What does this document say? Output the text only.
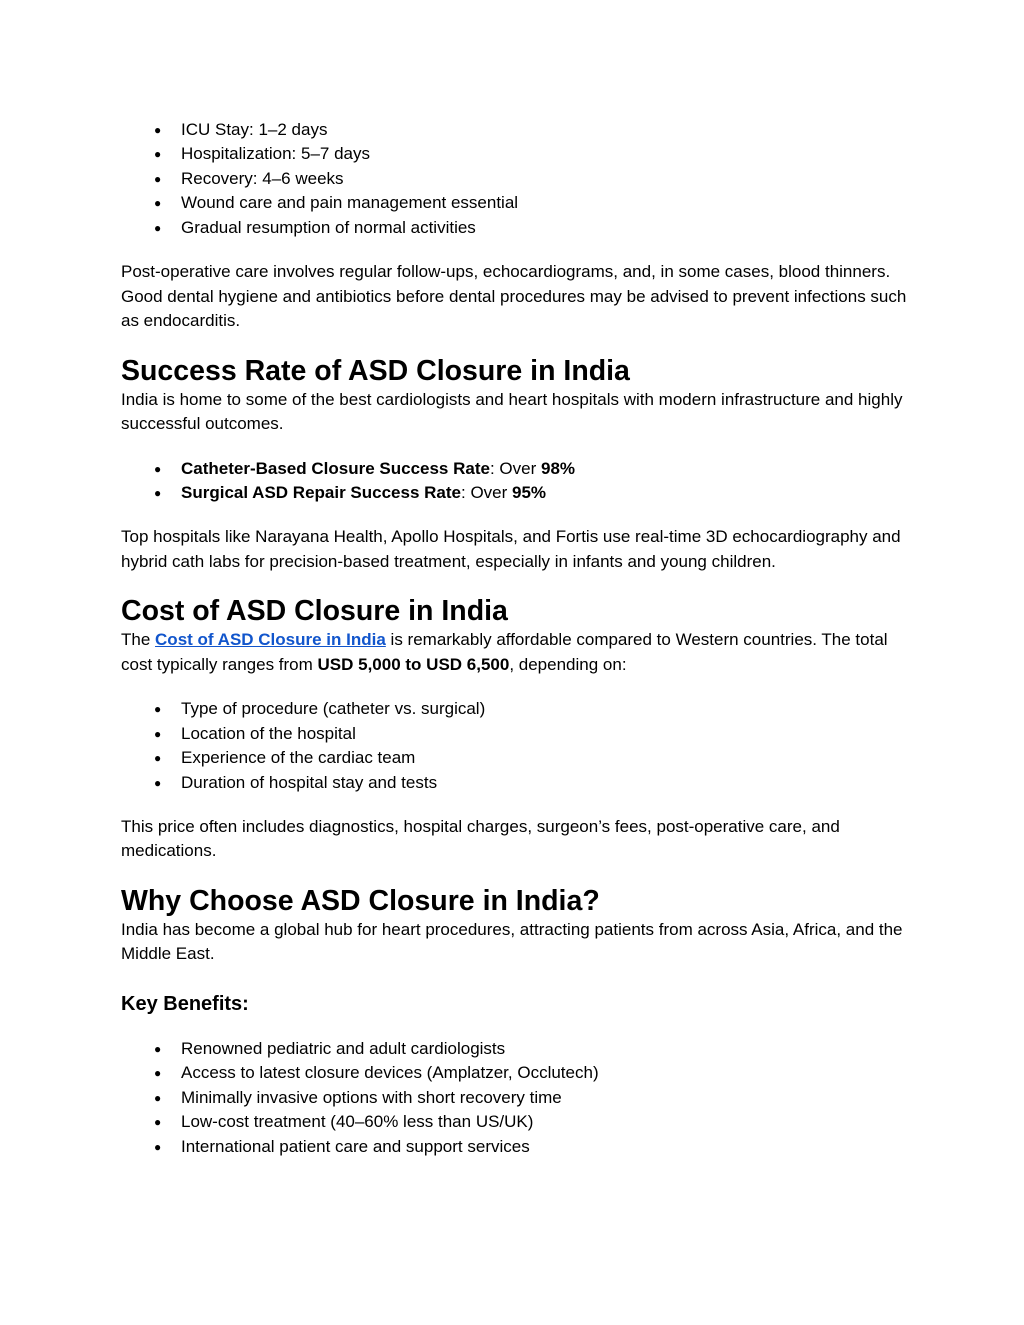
● ICU Stay: 1–2 days
● Hospitalization: 5–7 days
● Recovery: 4–6 weeks
● Wound care and pain management essential
● Gradual resumption of normal activities

Post-operative care involves regular follow-ups, echocardiograms, and, in some cases, blood thinners. Good dental hygiene and antibiotics before dental procedures may be advised to prevent infections such as endocarditis.

Success Rate of ASD Closure in India

India is home to some of the best cardiologists and heart hospitals with modern infrastructure and highly successful outcomes.

● Catheter-Based Closure Success Rate: Over 98%
● Surgical ASD Repair Success Rate: Over 95%

Top hospitals like Narayana Health, Apollo Hospitals, and Fortis use real-time 3D echocardiography and hybrid cath labs for precision-based treatment, especially in infants and young children.

Cost of ASD Closure in India

The Cost of ASD Closure in India is remarkably affordable compared to Western countries. The total cost typically ranges from USD 5,000 to USD 6,500, depending on:

● Type of procedure (catheter vs. surgical)
● Location of the hospital
● Experience of the cardiac team
● Duration of hospital stay and tests

This price often includes diagnostics, hospital charges, surgeon’s fees, post-operative care, and medications.

Why Choose ASD Closure in India?

India has become a global hub for heart procedures, attracting patients from across Asia, Africa, and the Middle East.

Key Benefits:
● Renowned pediatric and adult cardiologists
● Access to latest closure devices (Amplatzer, Occlutech)
● Minimally invasive options with short recovery time
● Low-cost treatment (40–60% less than US/UK)
● International patient care and support services
